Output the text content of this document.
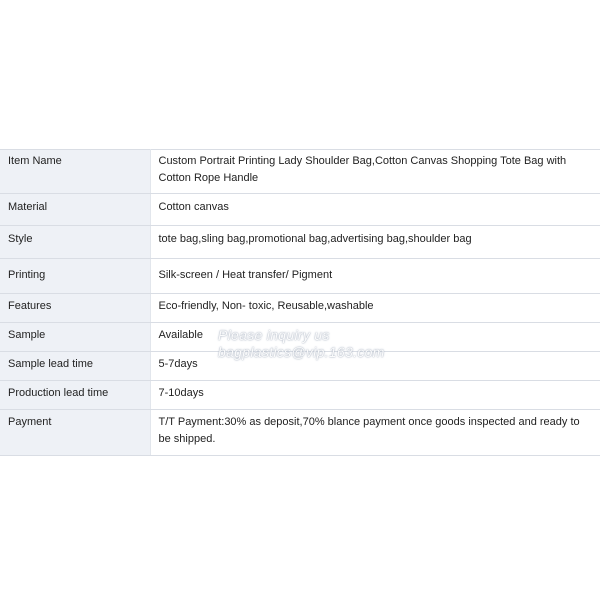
Item Name	Custom Portrait Printing Lady Shoulder Bag,Cotton Canvas Shopping Tote Bag with Cotton Rope Handle
Material	Cotton canvas
Style	tote bag,sling bag,promotional bag,advertising bag,shoulder bag
Printing	Silk-screen / Heat transfer/ Pigment
Features	Eco-friendly, Non- toxic, Reusable,washable
Sample	Available
Sample lead time	5-7days
Production lead time	7-10days
Payment	T/T Payment:30% as deposit,70% blance payment once goods inspected and ready to be shipped.
Please inquiry us
bagplastics@vip.163.com
